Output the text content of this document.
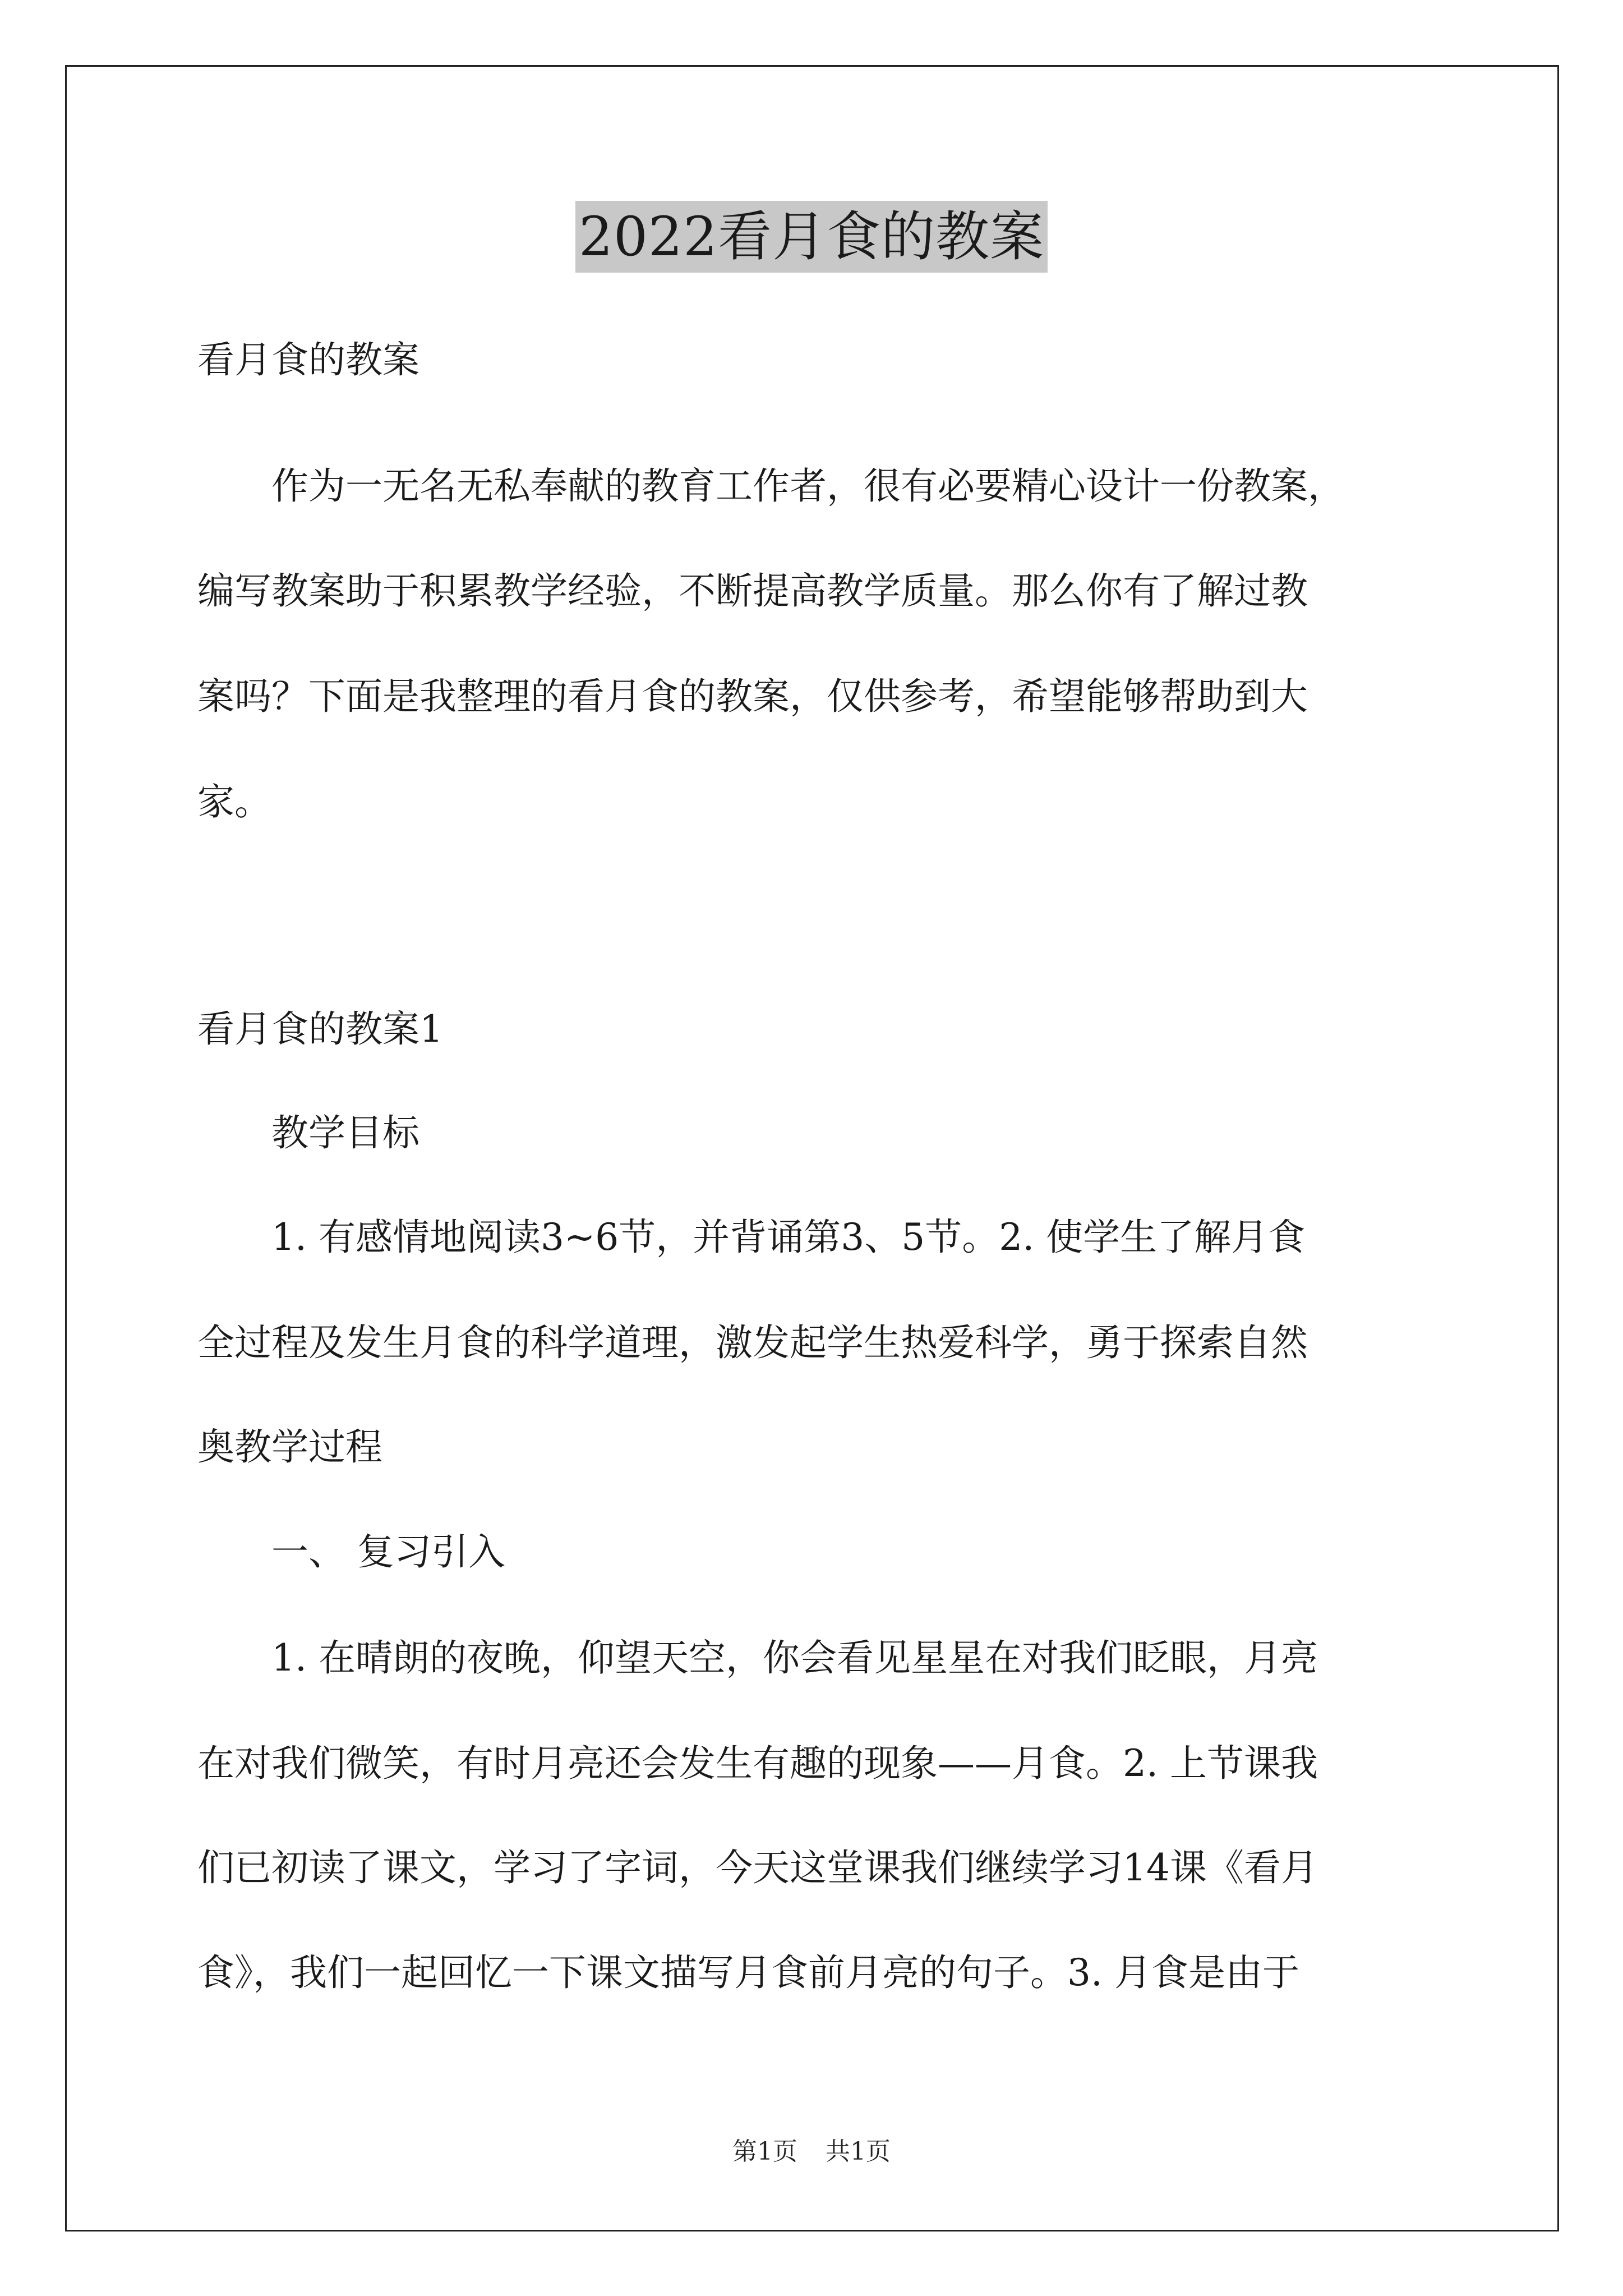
2022看月食的教案
看月食的教案
　　作为一无名无私奉献的教育工作者，很有必要精心设计一份教案，
编写教案助于积累教学经验，不断提高教学质量。那么你有了解过教
案吗？下面是我整理的看月食的教案，仅供参考，希望能够帮助到大
家。
看月食的教案1
　　教学目标
　　1. 有感情地阅读3~6节，并背诵第3、5节。2. 使学生了解月食
全过程及发生月食的科学道理，激发起学生热爱科学，勇于探索自然
奥教学过程
　　一、 复习引入
　　1. 在晴朗的夜晚，仰望天空，你会看见星星在对我们眨眼，月亮
在对我们微笑，有时月亮还会发生有趣的现象——月食。2. 上节课我
们已初读了课文，学习了字词，今天这堂课我们继续学习14课《看月
食》，我们一起回忆一下课文描写月食前月亮的句子。3. 月食是由于
第1页 共1页
